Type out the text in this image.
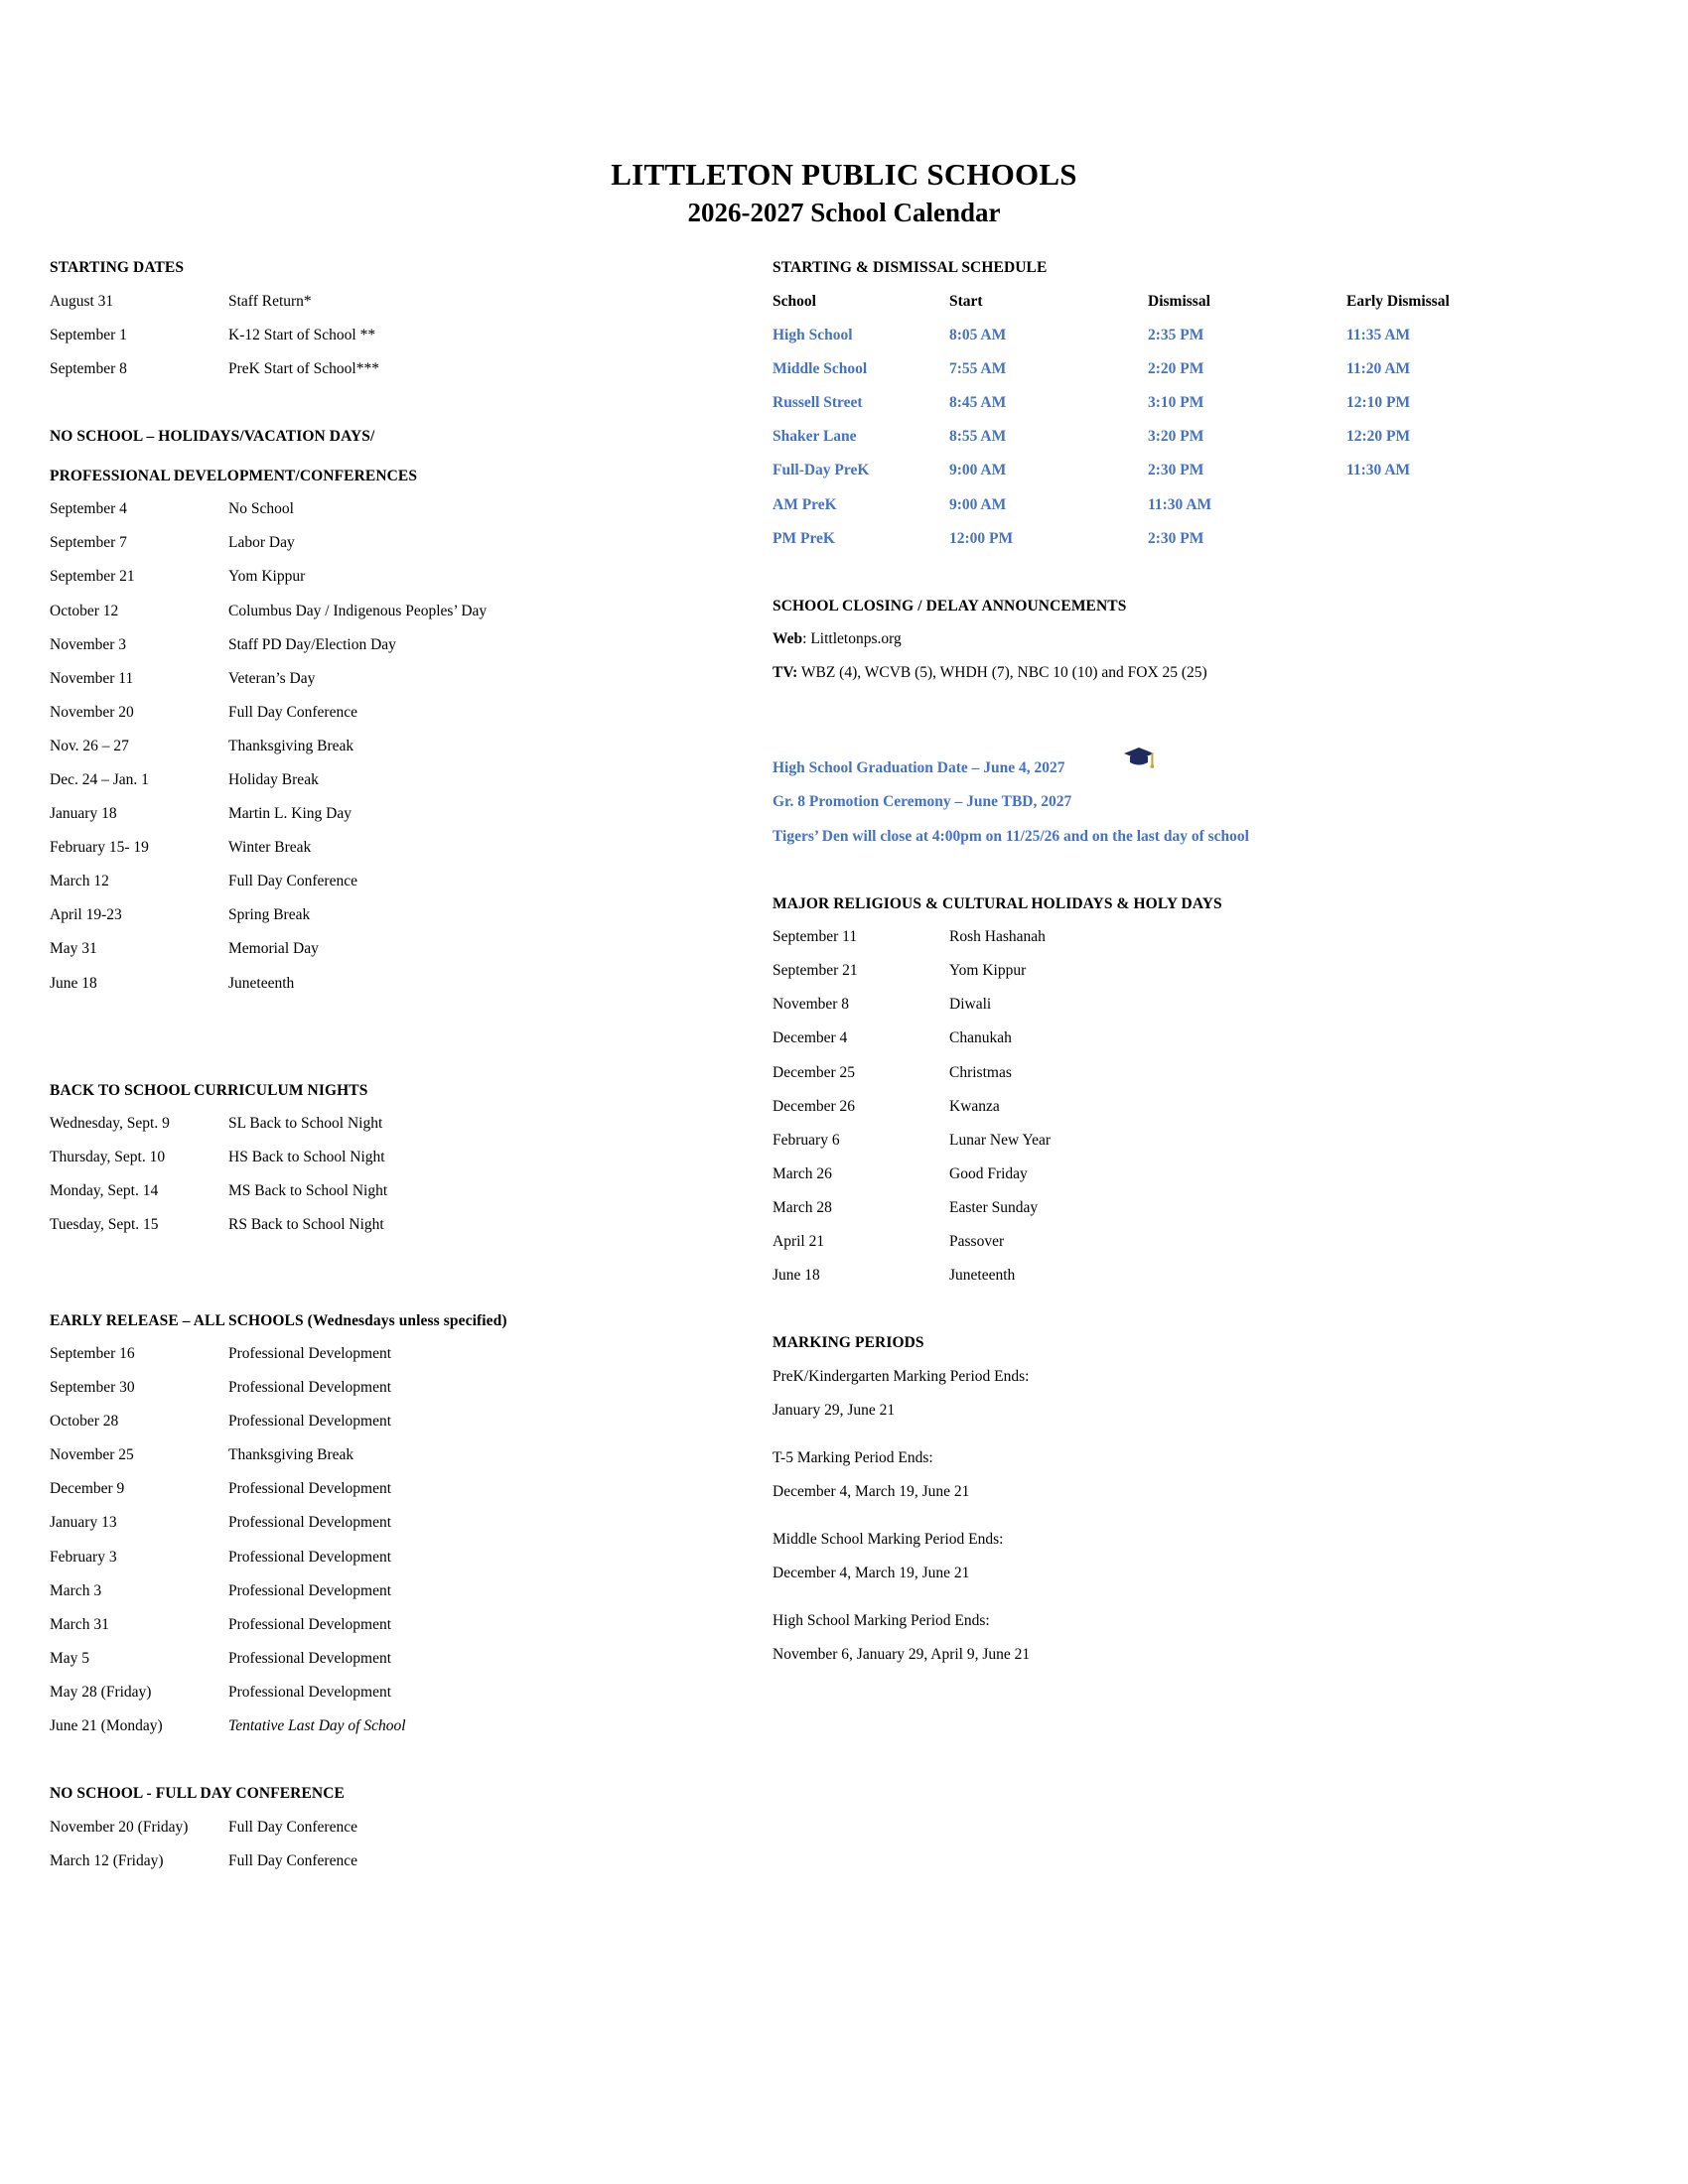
LITTLETON PUBLIC SCHOOLS
2026-2027 School Calendar
STARTING DATES
August 31	Staff Return*
September 1	K-12 Start of School **
September 8	PreK Start of School***
NO SCHOOL – HOLIDAYS/VACATION DAYS/
PROFESSIONAL DEVELOPMENT/CONFERENCES
September 4	No School
September 7	Labor Day
September 21	Yom Kippur
October 12	Columbus Day / Indigenous Peoples’ Day
November 3	Staff PD Day/Election Day
November 11	Veteran’s Day
November 20	Full Day Conference
Nov. 26 – 27	Thanksgiving Break
Dec. 24 – Jan. 1	Holiday Break
January 18	Martin L. King Day
February 15- 19	Winter Break
March 12	Full Day Conference
April 19-23	Spring Break
May 31	Memorial Day
June 18	Juneteenth
BACK TO SCHOOL CURRICULUM NIGHTS
Wednesday, Sept. 9	SL Back to School Night
Thursday, Sept. 10	HS Back to School Night
Monday, Sept. 14	MS Back to School Night
Tuesday, Sept. 15	RS Back to School Night
EARLY RELEASE – ALL SCHOOLS (Wednesdays unless specified)
September 16	Professional Development
September 30	Professional Development
October 28	Professional Development
November 25	Thanksgiving Break
December 9	Professional Development
January 13	Professional Development
February 3	Professional Development
March 3	Professional Development
March 31	Professional Development
May 5	Professional Development
May 28 (Friday)	Professional Development
June 21 (Monday)	Tentative Last Day of School
NO SCHOOL - FULL DAY CONFERENCE
November 20 (Friday)	Full Day Conference
March 12 (Friday)	Full Day Conference
STARTING & DISMISSAL SCHEDULE
School	Start	Dismissal	Early Dismissal
High School	8:05 AM	2:35 PM	11:35 AM
Middle School	7:55 AM	2:20 PM	11:20 AM
Russell Street	8:45 AM	3:10 PM	12:10 PM
Shaker Lane	8:55 AM	3:20 PM	12:20 PM
Full-Day PreK	9:00 AM	2:30 PM	11:30 AM
AM PreK	9:00 AM	11:30 AM
PM PreK	12:00 PM	2:30 PM
SCHOOL CLOSING / DELAY ANNOUNCEMENTS
Web: Littletonps.org
TV: WBZ (4), WCVB (5), WHDH (7), NBC 10 (10) and FOX 25 (25)
High School Graduation Date – June 4, 2027
Gr. 8 Promotion Ceremony – June TBD, 2027
Tigers’ Den will close at 4:00pm on 11/25/26 and on the last day of school
MAJOR RELIGIOUS & CULTURAL HOLIDAYS & HOLY DAYS
September 11	Rosh Hashanah
September 21	Yom Kippur
November 8	Diwali
December 4	Chanukah
December 25	Christmas
December 26	Kwanza
February 6	Lunar New Year
March 26	Good Friday
March 28	Easter Sunday
April 21	Passover
June 18	Juneteenth
MARKING PERIODS
PreK/Kindergarten Marking Period Ends:
January 29, June 21
T-5 Marking Period Ends:
December 4, March 19, June 21
Middle School Marking Period Ends:
December 4, March 19, June 21
High School Marking Period Ends:
November 6, January 29, April 9, June 21
